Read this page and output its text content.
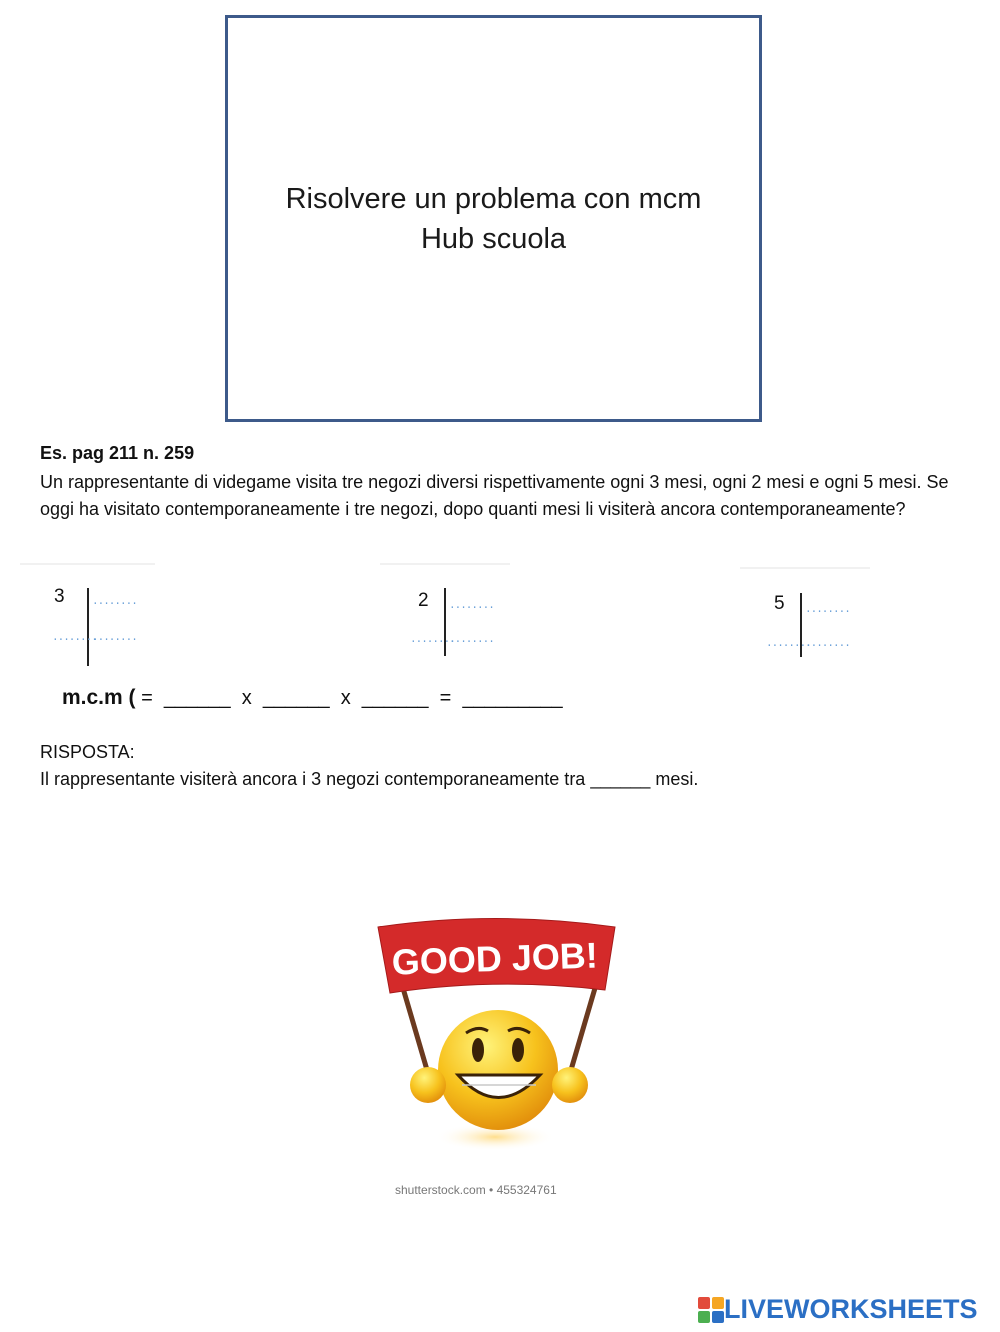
Risolvere un problema con mcm
Hub scuola
Es. pag 211 n. 259
Un rappresentante di videgame visita tre negozi diversi rispettivamente ogni 3 mesi, ogni 2 mesi e ogni 5 mesi. Se oggi ha visitato contemporaneamente i tre negozi, dopo quanti mesi li visiterà ancora contemporaneamente?
3 ........
........
........
2 ........
........
........
5 ........
........
........
m.c.m ( =  ______  x  ______  x  ______  =  _________
RISPOSTA:
Il rappresentante visiterà ancora i 3 negozi contemporaneamente tra ______ mesi.
GOOD JOB!
shutterstock.com • 455324761
LIVEWORKSHEETS
